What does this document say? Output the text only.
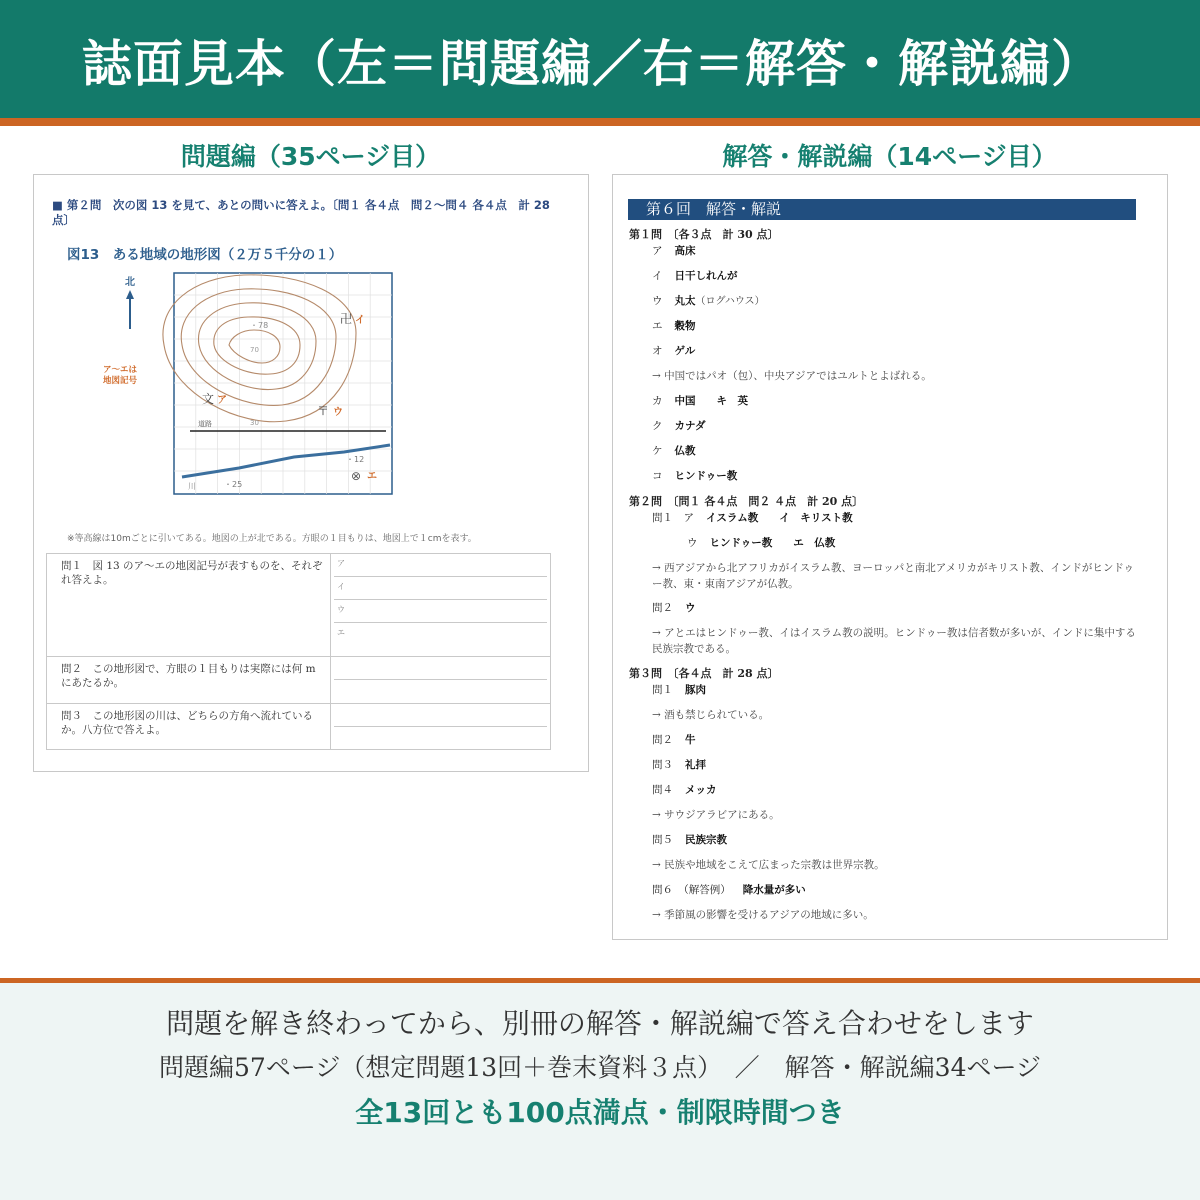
誌面見本（左＝問題編／右＝解答・解説編）
問題編（35ページ目）	解答・解説編（14ページ目）
■ 第２問　次の図 13 を見て、あとの問いに答えよ。〔問１ 各４点　問２〜問４ 各４点　計 28 点〕
図13　ある地域の地形図（２万５千分の１）
北
ア〜エは
地図記号
・78
70
30
道路
川	・25
・12
文 ア
卍 イ
〒 ウ
⊗ エ
※等高線は10mごとに引いてある。地図の上が北である。方眼の１目もりは、地図上で１cmを表す。
問１　図 13 のア〜エの地図記号が表すものを、それぞれ答えよ。	ア
イ
ウ
エ

問２　この地形図で、方眼の１目もりは実際には何 m にあたるか。	

問３　この地形図の川は、どちらの方角へ流れているか。八方位で答えよ。	
第６回　解答・解説
第１問　〔各３点　計 30 点〕
ア 高床
イ 日干しれんが
ウ 丸太（ログハウス）
エ 穀物
オ ゲル
→ 中国ではパオ（包）、中央アジアではユルトとよばれる。
カ 中国　　キ　英
ク カナダ
ケ 仏教
コ ヒンドゥー教
第２問　〔問１ 各４点　問２ ４点　計 20 点〕
問１　ア イスラム教　　イ　キリスト教
ウ ヒンドゥー教　　エ　仏教
→ 西アジアから北アフリカがイスラム教、ヨーロッパと南北アメリカがキリスト教、インドがヒンドゥー教、東・東南アジアが仏教。
問２ ウ
→ アとエはヒンドゥー教、イはイスラム教の説明。ヒンドゥー教は信者数が多いが、インドに集中する民族宗教である。
第３問　〔各４点　計 28 点〕
問１ 豚肉
→ 酒も禁じられている。
問２ 牛
問３ 礼拝
問４ メッカ
→ サウジアラビアにある。
問５ 民族宗教
→ 民族や地域をこえて広まった宗教は世界宗教。
問６　（解答例） 降水量が多い
→ 季節風の影響を受けるアジアの地域に多い。
問題を解き終わってから、別冊の解答・解説編で答え合わせをします
問題編57ページ（想定問題13回＋巻末資料３点）　／　解答・解説編34ページ
全13回とも100点満点・制限時間つき
